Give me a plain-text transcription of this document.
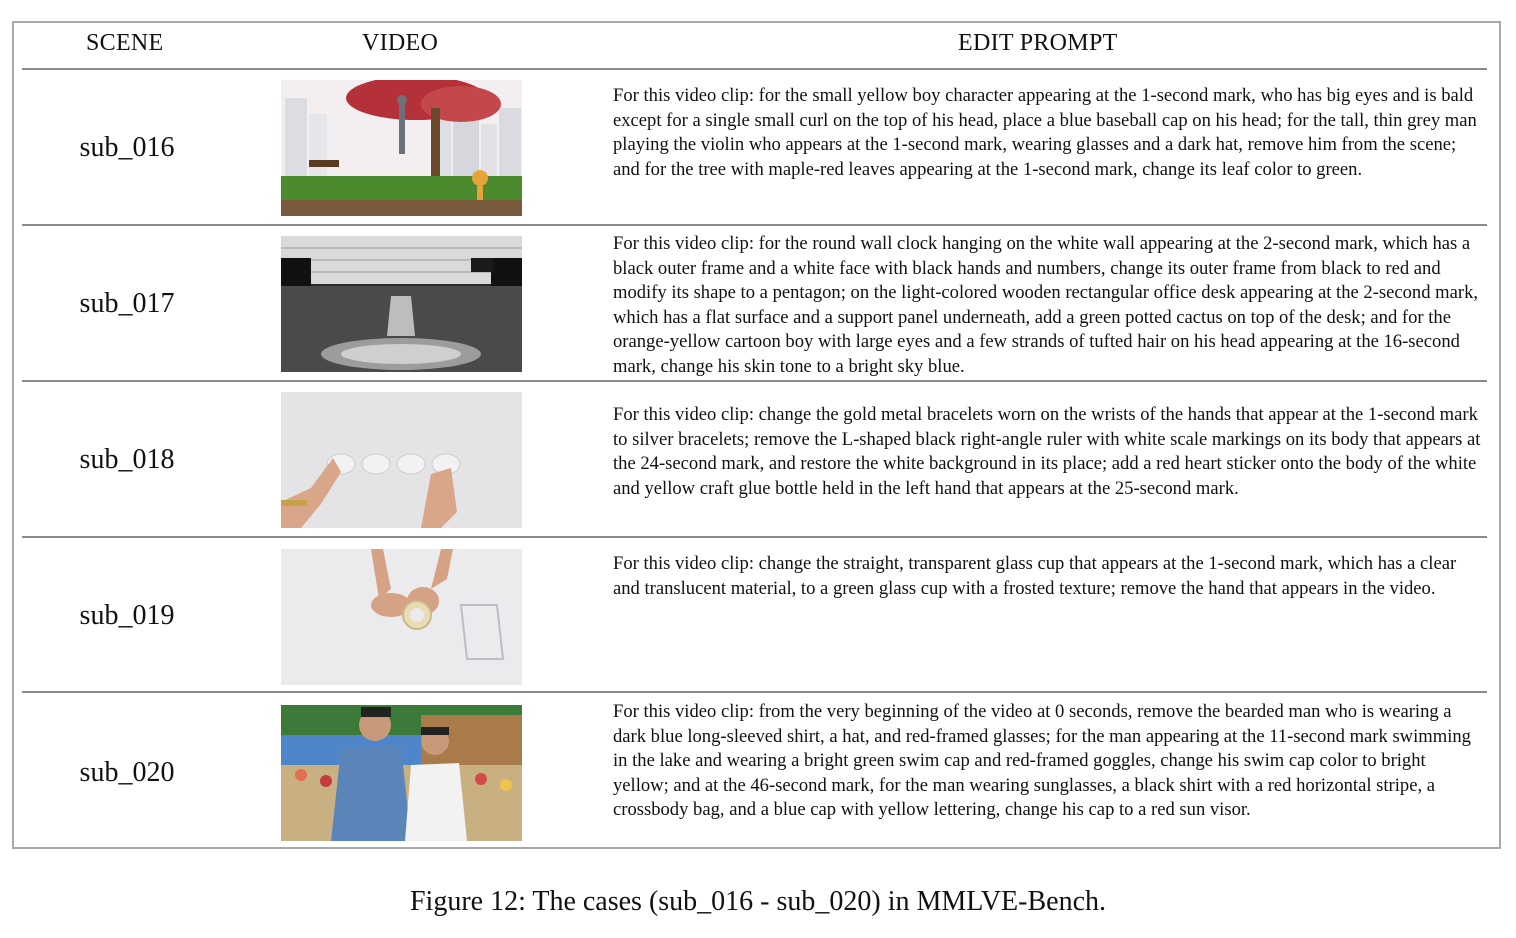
SCENE	VIDEO	EDIT PROMPT
sub_016
For this video clip: for the small yellow boy character appearing at the 1-second mark, who has big eyes and is bald except for a single small curl on the top of his head, place a blue baseball cap on his head; for the tall, thin grey man playing the violin who appears at the 1-second mark, wearing glasses and a dark hat, remove him from the scene; and for the tree with maple-red leaves appearing at the 1-second mark, change its leaf color to green.
sub_017
For this video clip: for the round wall clock hanging on the white wall appearing at the 2-second mark, which has a black outer frame and a white face with black hands and numbers, change its outer frame from black to red and modify its shape to a pentagon; on the light-colored wooden rectangular office desk appearing at the 2-second mark, which has a flat surface and a support panel underneath, add a green potted cactus on top of the desk; and for the orange-yellow cartoon boy with large eyes and a few strands of tufted hair on his head appearing at the 16-second mark, change his skin tone to a bright sky blue.
sub_018
For this video clip: change the gold metal bracelets worn on the wrists of the hands that appear at the 1-second mark to silver bracelets; remove the L-shaped black right-angle ruler with white scale markings on its body that appears at the 24-second mark, and restore the white background in its place; add a red heart sticker onto the body of the white and yellow craft glue bottle held in the left hand that appears at the 25-second mark.
sub_019
For this video clip: change the straight, transparent glass cup that appears at the 1-second mark, which has a clear and translucent material, to a green glass cup with a frosted texture; remove the hand that appears in the video.
sub_020
For this video clip: from the very beginning of the video at 0 seconds, remove the bearded man who is wearing a dark blue long-sleeved shirt, a hat, and red-framed glasses; for the man appearing at the 11-second mark swimming in the lake and wearing a bright green swim cap and red-framed goggles, change his swim cap color to bright yellow; and at the 46-second mark, for the man wearing sunglasses, a black shirt with a red horizontal stripe, a crossbody bag, and a blue cap with yellow lettering, change his cap to a red sun visor.
Figure 12: The cases (sub_016 - sub_020) in MMLVE-Bench.
